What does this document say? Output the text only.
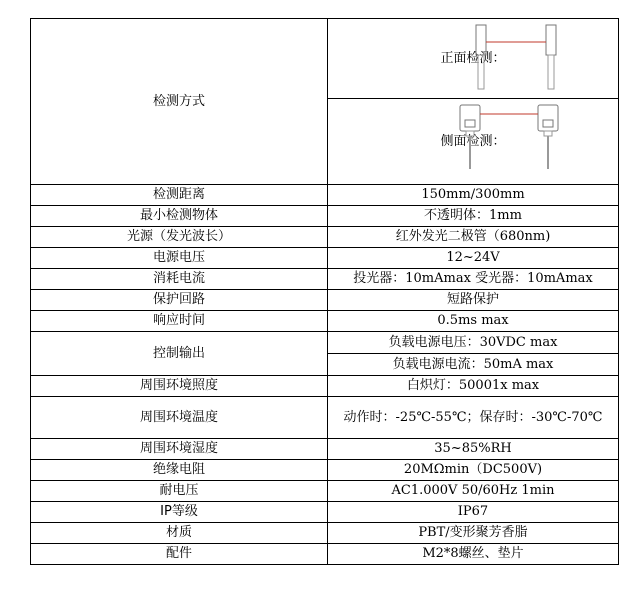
检测方式	正面检测：

侧面检测：
检测距离	150mm/300mm
最小检测物体	不透明体：1mm
光源（发光波长）	红外发光二极管（680nm)
电源电压	12~24V
消耗电流	投光器：10mAmax 受光器：10mAmax
保护回路	短路保护
响应时间	0.5ms max
控制输出	负载电源电压：30VDC max
	负载电源电流：50mA max
周围环境照度	白炽灯：50001x max
周围环境温度	动作时：-25℃-55℃；保存时：-30℃-70℃
周围环境湿度	35~85%RH
绝缘电阻	20MΩmin（DC500V)
耐电压	AC1.000V 50/60Hz 1min
IP等级	IP67
材质	PBT/变形聚芳香脂
配件	M2*8螺丝、垫片
